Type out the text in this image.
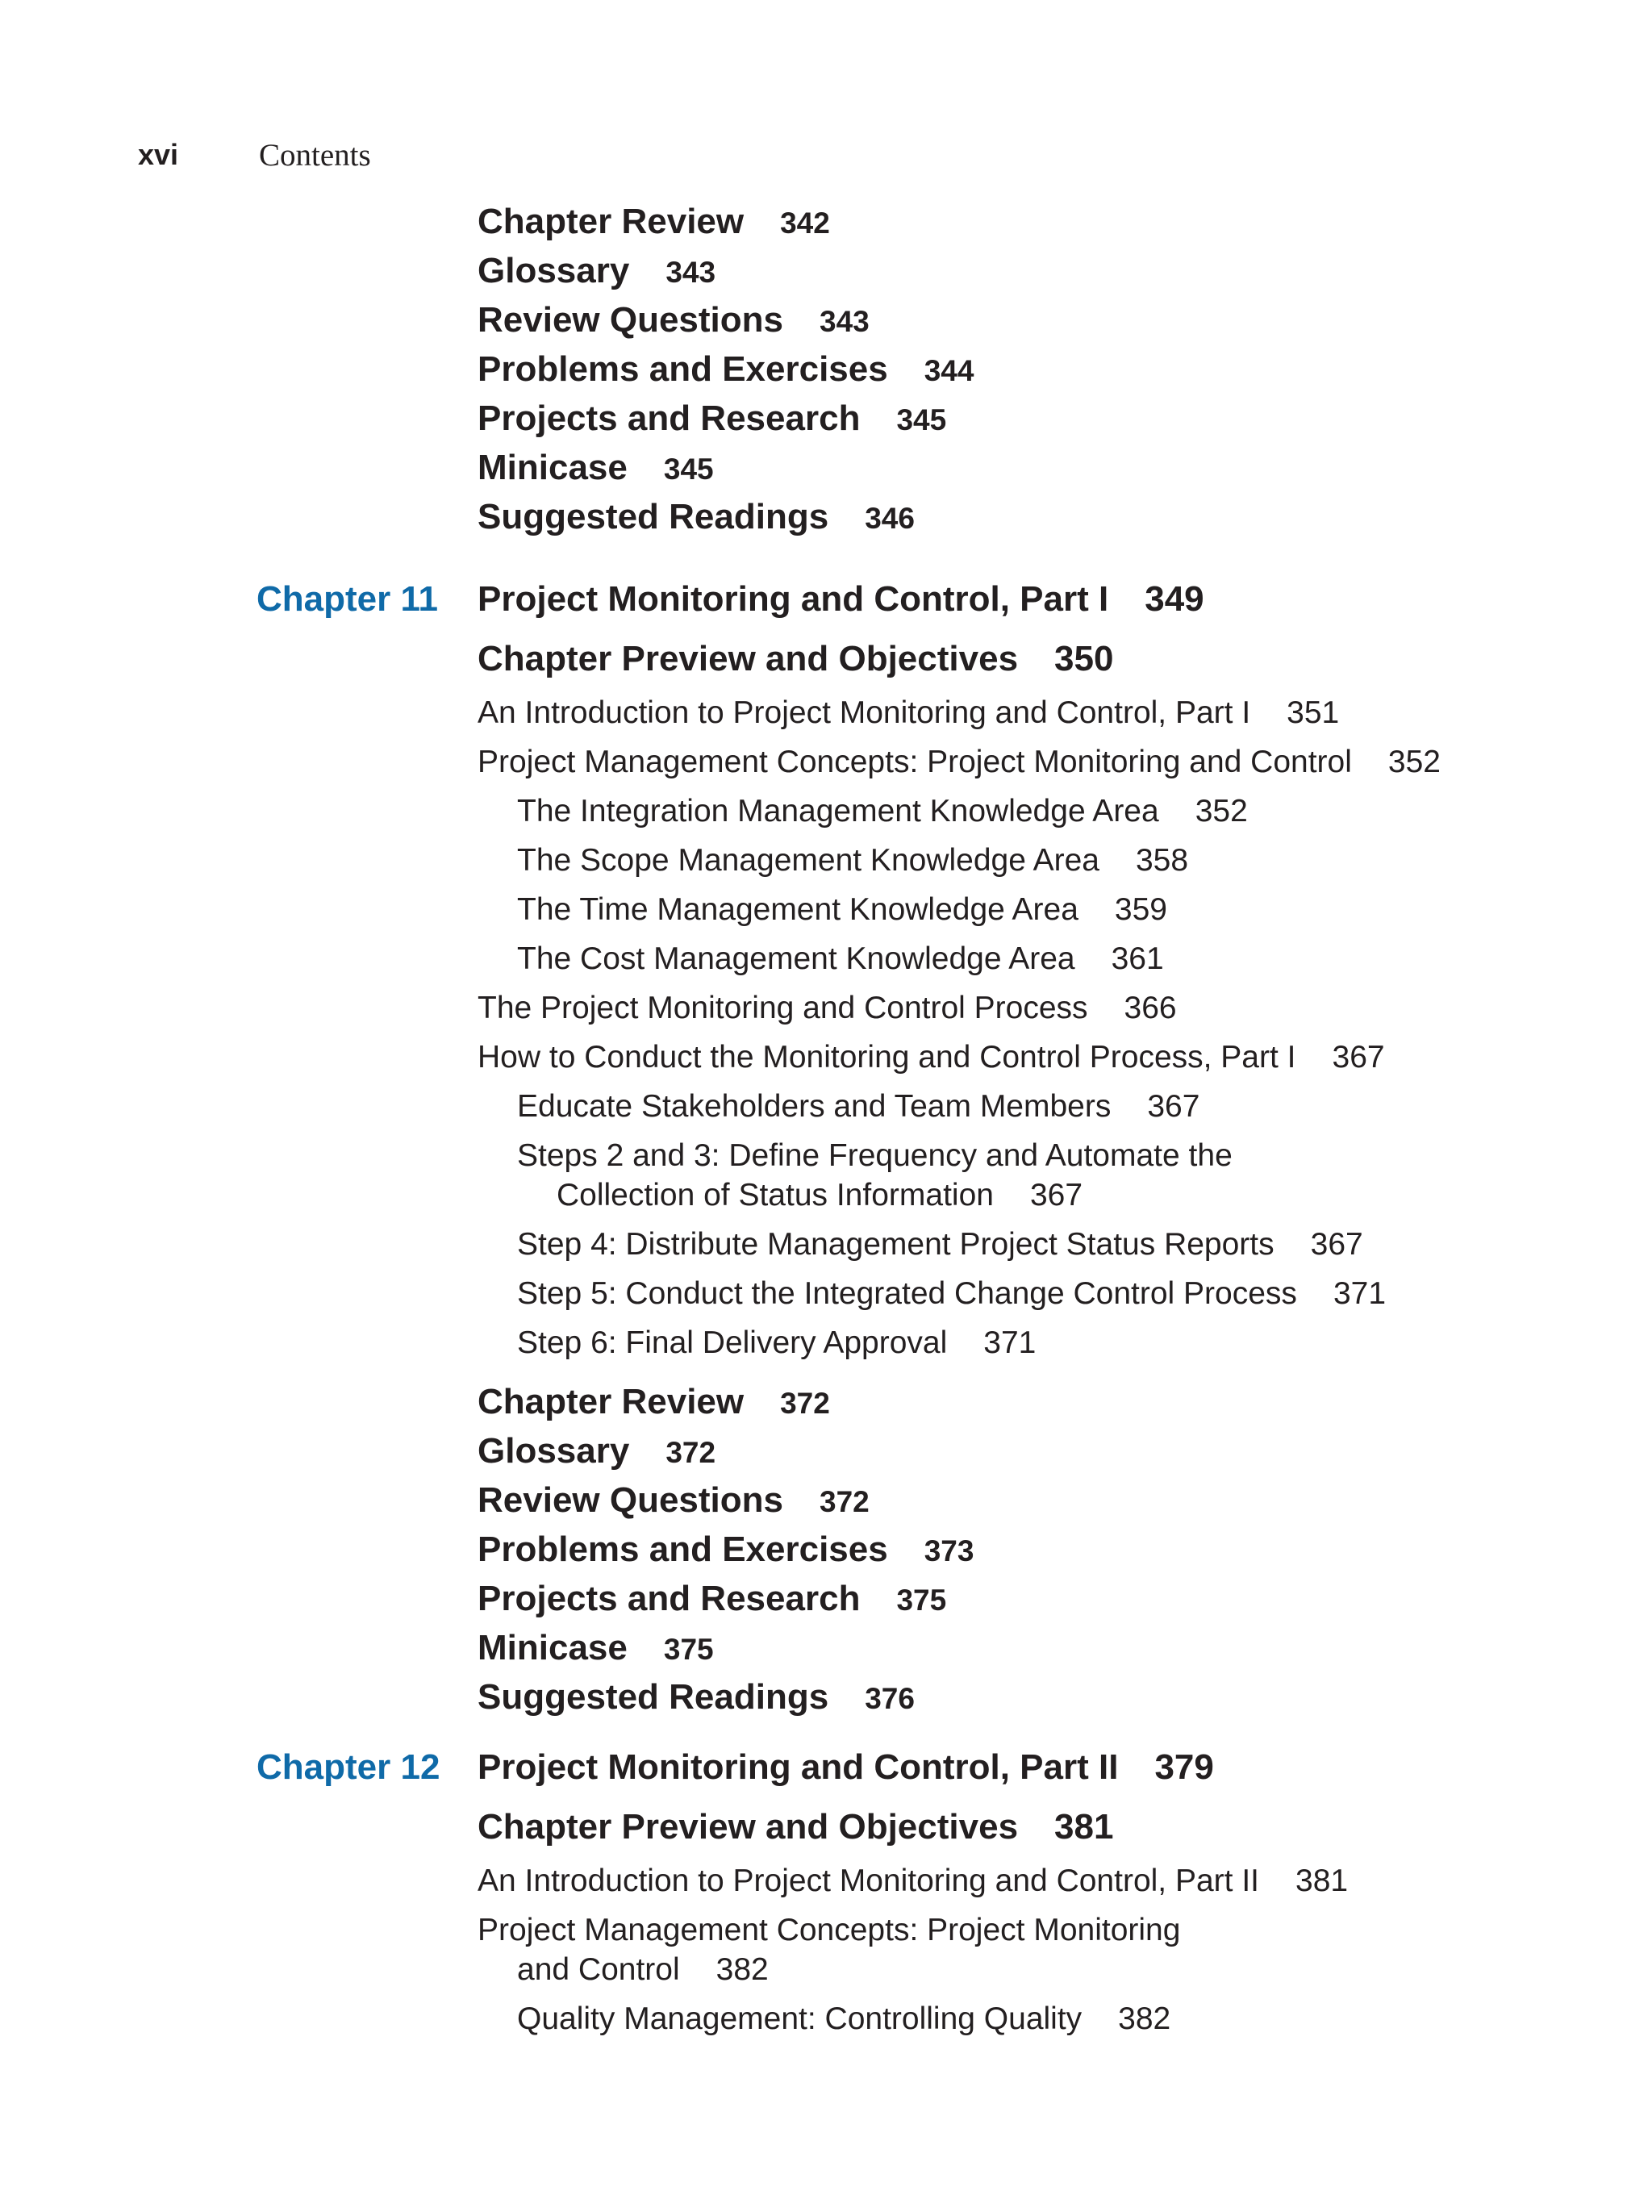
xvi	Contents
Chapter Review 342
Glossary 343
Review Questions 343
Problems and Exercises 344
Projects and Research 345
Minicase 345
Suggested Readings 346
Chapter 11 Project Monitoring and Control, Part I 349
Chapter Preview and Objectives 350
An Introduction to Project Monitoring and Control, Part I 351
Project Management Concepts: Project Monitoring and Control 352
The Integration Management Knowledge Area 352
The Scope Management Knowledge Area 358
The Time Management Knowledge Area 359
The Cost Management Knowledge Area 361
The Project Monitoring and Control Process 366
How to Conduct the Monitoring and Control Process, Part I 367
Educate Stakeholders and Team Members 367
Steps 2 and 3: Define Frequency and Automate the
Collection of Status Information 367
Step 4: Distribute Management Project Status Reports 367
Step 5: Conduct the Integrated Change Control Process 371
Step 6: Final Delivery Approval 371
Chapter Review 372
Glossary 372
Review Questions 372
Problems and Exercises 373
Projects and Research 375
Minicase 375
Suggested Readings 376
Chapter 12 Project Monitoring and Control, Part II 379
Chapter Preview and Objectives 381
An Introduction to Project Monitoring and Control, Part II 381
Project Management Concepts: Project Monitoring
and Control 382
Quality Management: Controlling Quality 382
